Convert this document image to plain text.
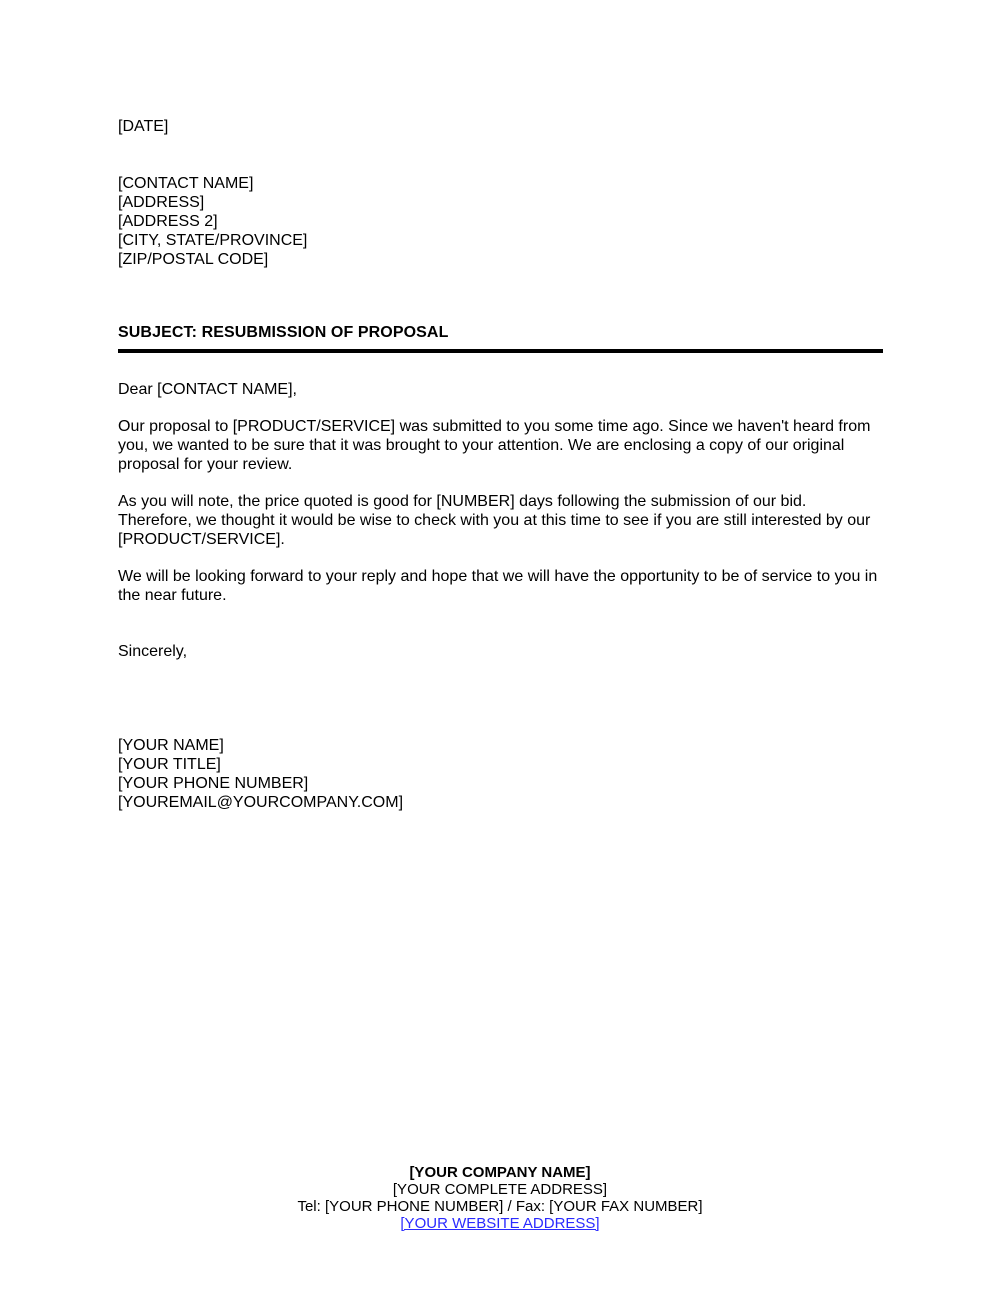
[DATE]
[CONTACT NAME]
[ADDRESS]
[ADDRESS 2]
[CITY, STATE/PROVINCE]
[ZIP/POSTAL CODE]
SUBJECT: RESUBMISSION OF PROPOSAL
Dear [CONTACT NAME],
Our proposal to [PRODUCT/SERVICE] was submitted to you some time ago. Since we haven't heard from you, we wanted to be sure that it was brought to your attention. We are enclosing a copy of our original proposal for your review.
As you will note, the price quoted is good for [NUMBER] days following the submission of our bid. Therefore, we thought it would be wise to check with you at this time to see if you are still interested by our [PRODUCT/SERVICE].
We will be looking forward to your reply and hope that we will have the opportunity to be of service to you in the near future.
Sincerely,
[YOUR NAME]
[YOUR TITLE]
[YOUR PHONE NUMBER]
[YOUREMAIL@YOURCOMPANY.COM]
[YOUR COMPANY NAME]
[YOUR COMPLETE ADDRESS]
Tel: [YOUR PHONE NUMBER] / Fax: [YOUR FAX NUMBER]
[YOUR WEBSITE ADDRESS]
